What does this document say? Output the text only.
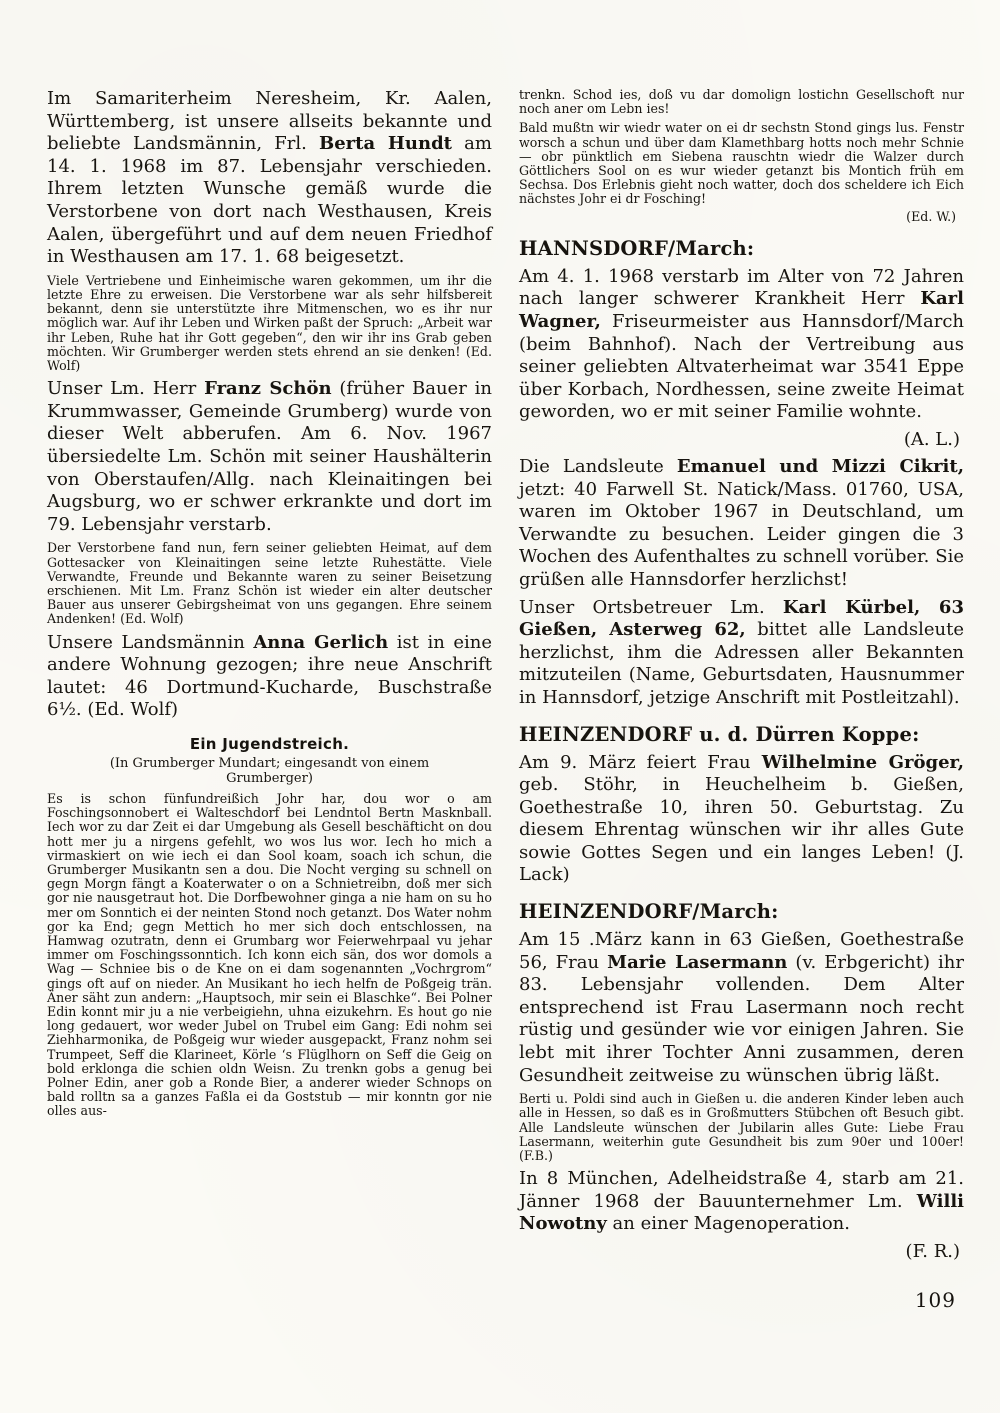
Im Samariterheim Neresheim, Kr. Aalen, Württemberg, ist unsere allseits bekannte und beliebte Landsmännin, Frl. Berta Hundt am 14. 1. 1968 im 87. Lebensjahr verschieden. Ihrem letzten Wunsche gemäß wurde die Verstorbene von dort nach Westhausen, Kreis Aalen, übergeführt und auf dem neuen Friedhof in Westhausen am 17. 1. 68 beigesetzt.

Viele Vertriebene und Einheimische waren gekommen, um ihr die letzte Ehre zu erweisen. Die Verstorbene war als sehr hilfsbereit bekannt, denn sie unterstützte ihre Mitmenschen, wo es ihr nur möglich war. Auf ihr Leben und Wirken paßt der Spruch: „Arbeit war ihr Leben, Ruhe hat ihr Gott gegeben“, den wir ihr ins Grab geben möchten. Wir Grumberger werden stets ehrend an sie denken! (Ed. Wolf)

Unser Lm. Herr Franz Schön (früher Bauer in Krummwasser, Gemeinde Grumberg) wurde von dieser Welt abberufen. Am 6. Nov. 1967 übersiedelte Lm. Schön mit seiner Haushälterin von Oberstaufen/Allg. nach Kleinaitingen bei Augsburg, wo er schwer erkrankte und dort im 79. Lebensjahr verstarb.

Der Verstorbene fand nun, fern seiner geliebten Heimat, auf dem Gottesacker von Kleinaitingen seine letzte Ruhestätte. Viele Verwandte, Freunde und Bekannte waren zu seiner Beisetzung erschienen. Mit Lm. Franz Schön ist wieder ein alter deutscher Bauer aus unserer Gebirgsheimat von uns gegangen. Ehre seinem Andenken! (Ed. Wolf)

Unsere Landsmännin Anna Gerlich ist in eine andere Wohnung gezogen; ihre neue Anschrift lautet: 46 Dortmund-Kucharde, Buschstraße 6½. (Ed. Wolf)

Ein Jugendstreich.

(In Grumberger Mundart; eingesandt von einem Grumberger)

Es is schon fünfundreißich Johr har, dou wor o am Foschingsonnobert ei Walteschdorf bei Lendntol Bertn Masknball. Iech wor zu dar Zeit ei dar Umgebung als Gesell beschäfticht on dou hott mer ju a nirgens gefehlt, wo wos lus wor. Iech ho mich a virmaskiert on wie iech ei dan Sool koam, soach ich schun, die Grumberger Musikantn sen a dou. Die Nocht verging su schnell on gegn Morgn fängt a Koaterwater o on a Schnietreibn, doß mer sich gor nie nausgetraut hot. Die Dorfbewohner ginga a nie ham on su ho mer om Sonntich ei der neinten Stond noch getanzt. Dos Water nohm gor ka End; gegn Mettich ho mer sich doch entschlossen, na Hamwag ozutratn, denn ei Grumbarg wor Feierwehrpaal vu jehar immer om Foschingssonntich. Ich konn eich sän, dos wor domols a Wag — Schniee bis o de Kne on ei dam sogenannten „Vochrgrom“ gings oft auf on nieder. An Musikant ho iech helfn de Poßgeig trän. Äner säht zun andern: „Hauptsoch, mir sein ei Blaschke“. Bei Polner Edin konnt mir ju a nie verbeigiehn, uhna eizukehrn. Es hout go nie long gedauert, wor weder Jubel on Trubel eim Gang: Edi nohm sei Ziehharmonika, de Poßgeig wur wieder ausgepackt, Franz nohm sei Trumpeet, Seff die Klarineet, Körle ‘s Flüglhorn on Seff die Geig on bold erklonga die schien oldn Weisn. Zu trenkn gobs a genug bei Polner Edin, aner gob a Ronde Bier, a anderer wieder Schnops on bald rolltn sa a ganzes Faßla ei da Goststub — mir konntn gor nie olles aus-

trenkn. Schod ies, doß vu dar domolign lostichn Gesellschoft nur noch aner om Lebn ies!

Bald mußtn wir wiedr water on ei dr sechstn Stond gings lus. Fenstr worsch a schun und über dam Klamethbarg hotts noch mehr Schnie — obr pünktlich em Siebena rauschtn wiedr die Walzer durch Göttlichers Sool on es wur wieder getanzt bis Montich früh em Sechsa. Dos Erlebnis gieht noch watter, doch dos scheldere ich Eich nächstes Johr ei dr Fosching!

(Ed. W.)

HANNSDORF/March:

Am 4. 1. 1968 verstarb im Alter von 72 Jahren nach langer schwerer Krankheit Herr Karl Wagner, Friseurmeister aus Hannsdorf/March (beim Bahnhof). Nach der Vertreibung aus seiner geliebten Altvaterheimat war 3541 Eppe über Korbach, Nordhessen, seine zweite Heimat geworden, wo er mit seiner Familie wohnte.

(A. L.)

Die Landsleute Emanuel und Mizzi Cikrit, jetzt: 40 Farwell St. Natick/Mass. 01760, USA, waren im Oktober 1967 in Deutschland, um Verwandte zu besuchen. Leider gingen die 3 Wochen des Aufenthaltes zu schnell vorüber. Sie grüßen alle Hannsdorfer herzlichst!

Unser Ortsbetreuer Lm. Karl Kürbel, 63 Gießen, Asterweg 62, bittet alle Landsleute herzlichst, ihm die Adressen aller Bekannten mitzuteilen (Name, Geburtsdaten, Hausnummer in Hannsdorf, jetzige Anschrift mit Postleitzahl).

HEINZENDORF u. d. Dürren Koppe:

Am 9. März feiert Frau Wilhelmine Gröger, geb. Stöhr, in Heuchelheim b. Gießen, Goethestraße 10, ihren 50. Geburtstag. Zu diesem Ehrentag wünschen wir ihr alles Gute sowie Gottes Segen und ein langes Leben! (J. Lack)

HEINZENDORF/March:

Am 15 .März kann in 63 Gießen, Goethestraße 56, Frau Marie Lasermann (v. Erbgericht) ihr 83. Lebensjahr vollenden. Dem Alter entsprechend ist Frau Lasermann noch recht rüstig und gesünder wie vor einigen Jahren. Sie lebt mit ihrer Tochter Anni zusammen, deren Gesundheit zeitweise zu wünschen übrig läßt.

Berti u. Poldi sind auch in Gießen u. die anderen Kinder leben auch alle in Hessen, so daß es in Großmutters Stübchen oft Besuch gibt. Alle Landsleute wünschen der Jubilarin alles Gute: Liebe Frau Lasermann, weiterhin gute Gesundheit bis zum 90er und 100er! (F.B.)

In 8 München, Adelheidstraße 4, starb am 21. Jänner 1968 der Bauunternehmer Lm. Willi Nowotny an einer Magenoperation.

(F. R.)

109
